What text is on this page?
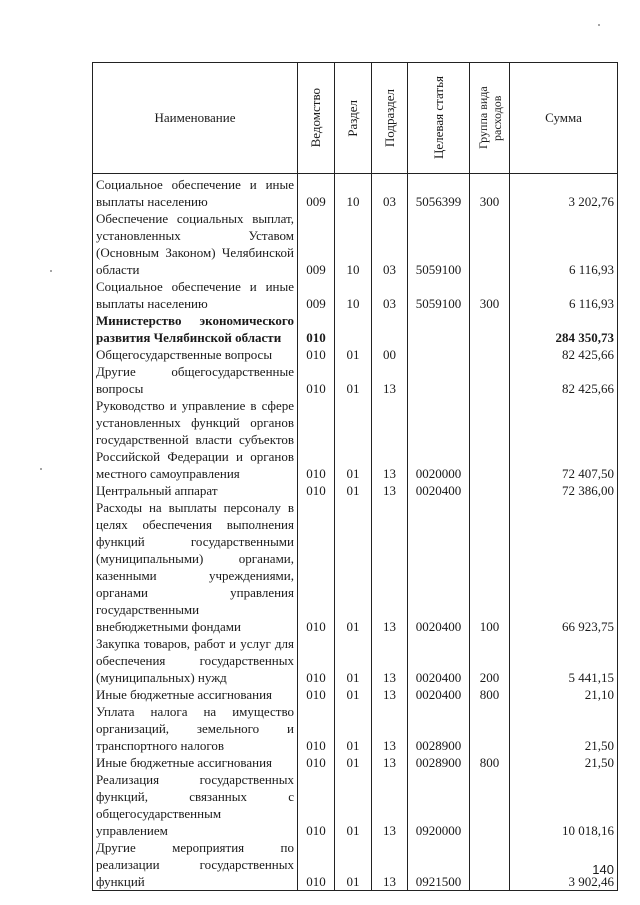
Наименование	Ведомство	Раздел	Подраздел	Целевая статья	Группа вида расходов	Сумма
Социальное обеспечение и иные выплаты населению	009	10	03	5056399	300	3 202,76
Обеспечение социальных выплат, установленных Уставом (Основным Законом) Челябинской области	009	10	03	5059100		6 116,93
Социальное обеспечение и иные выплаты населению	009	10	03	5059100	300	6 116,93
Министерство экономического развития Челябинской области	010					284 350,73
Общегосударственные вопросы	010	01	00			82 425,66
Другие общегосударственные вопросы	010	01	13			82 425,66
Руководство и управление в сфере установленных функций органов государственной власти субъектов Российской Федерации и органов местного самоуправления	010	01	13	0020000		72 407,50
Центральный аппарат	010	01	13	0020400		72 386,00
Расходы на выплаты персоналу в целях обеспечения выполнения функций государственными (муниципальными) органами, казенными учреждениями, органами управления государственными внебюджетными фондами	010	01	13	0020400	100	66 923,75
Закупка товаров, работ и услуг для обеспечения государственных (муниципальных) нужд	010	01	13	0020400	200	5 441,15
Иные бюджетные ассигнования	010	01	13	0020400	800	21,10
Уплата налога на имущество организаций, земельного и транспортного налогов	010	01	13	0028900		21,50
Иные бюджетные ассигнования	010	01	13	0028900	800	21,50
Реализация государственных функций, связанных с общегосударственным управлением	010	01	13	0920000		10 018,16
Другие мероприятия по реализации государственных функций	010	01	13	0921500		3 902,46
140
